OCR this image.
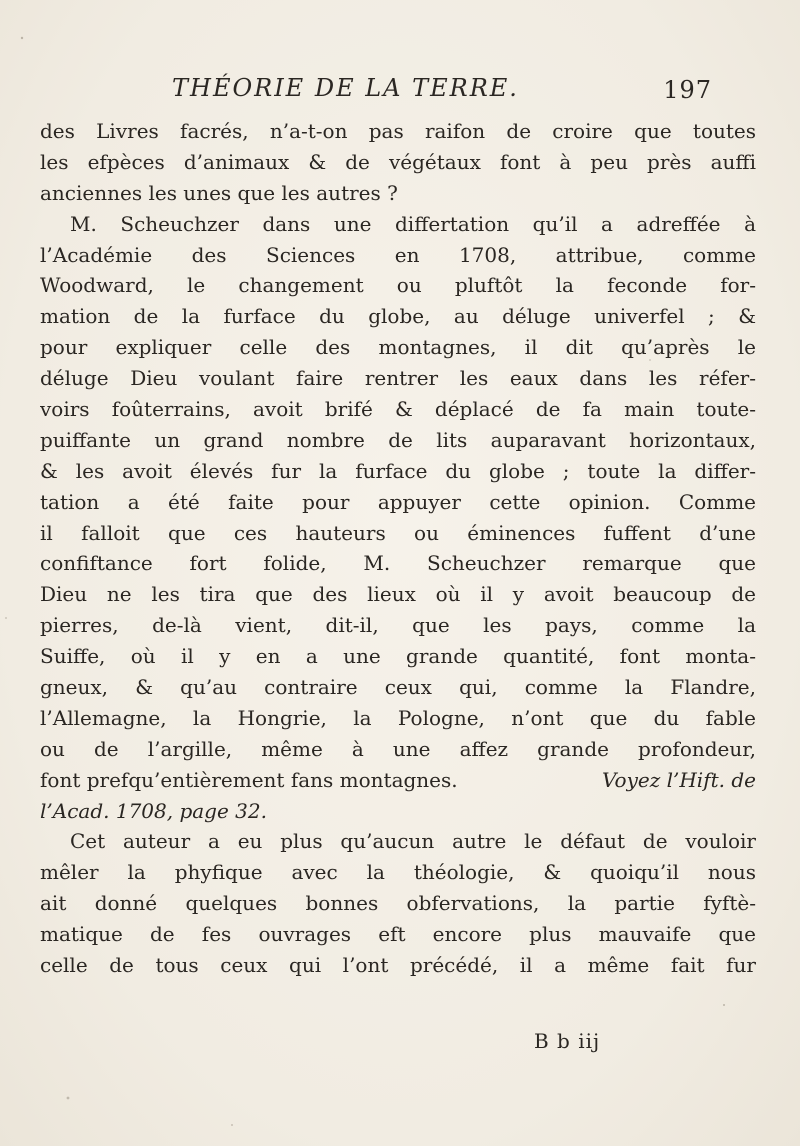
THÉORIE DE LA TERRE.	197
des Livres facrés, n’a-t-on pas raifon de croire que toutes
les efpèces d’animaux & de végétaux font à peu près auffi
anciennes les unes que les autres ?
M. Scheuchzer dans une differtation qu’il a adreffée à
l’Académie des Sciences en 1708, attribue, comme
Woodward, le changement ou pluftôt la feconde for-
mation de la furface du globe, au déluge univerfel ; &
pour expliquer celle des montagnes, il dit qu’après le
déluge Dieu voulant faire rentrer les eaux dans les réfer-
voirs foûterrains, avoit brifé & déplacé de fa main toute-
puiffante un grand nombre de lits auparavant horizontaux,
& les avoit élevés fur la furface du globe ; toute la differ-
tation a été faite pour appuyer cette opinion. Comme
il falloit que ces hauteurs ou éminences fuffent d’une
confiftance fort folide, M. Scheuchzer remarque que
Dieu ne les tira que des lieux où il y avoit beaucoup de
pierres, de-là vient, dit-il, que les pays, comme la
Suiffe, où il y en a une grande quantité, font monta-
gneux, & qu’au contraire ceux qui, comme la Flandre,
l’Allemagne, la Hongrie, la Pologne, n’ont que du fable
ou de l’argille, même à une affez grande profondeur,
font prefqu’entièrement fans montagnes.	Voyez l’Hift. de
l’Acad. 1708, page 32.
Cet auteur a eu plus qu’aucun autre le défaut de vouloir
mêler la phyfique avec la théologie, & quoiqu’il nous
ait donné quelques bonnes obfervations, la partie fyftè-
matique de fes ouvrages eft encore plus mauvaife que
celle de tous ceux qui l’ont précédé, il a même fait fur
B b iij
